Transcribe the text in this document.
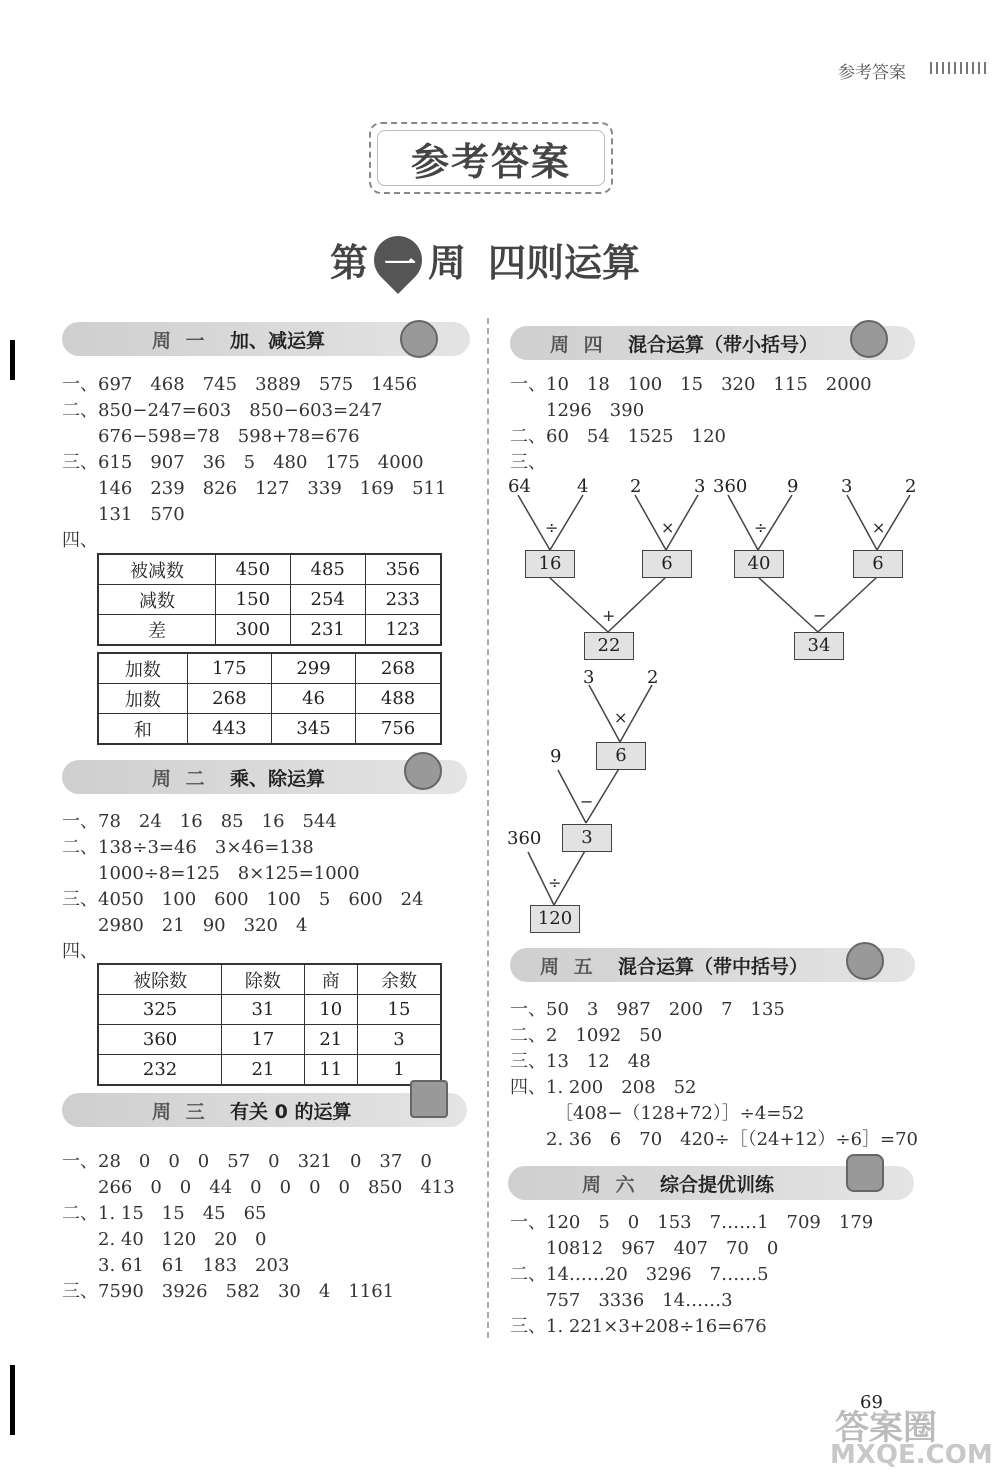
参考答案
参考答案
第 一 周 四则运算
周 一	加、减运算
一、697　468　745　3889　575　1456
二、850−247=603　850−603=247
　　676−598=78　598+78=676
三、615　907　36　5　480　175　4000
　　146　239　826　127　339　169　511
　　131　570
四、
被减数	450	485	356
减数	150	254	233
差	300	231	123
加数	175	299	268
加数	268	46	488
和	443	345	756
周 二	乘、除运算
一、78　24　16　85　16　544
二、138÷3=46　3×46=138
　　1000÷8=125　8×125=1000
三、4050　100　600　100　5　600　24
　　2980　21　90　320　4
四、
被除数	除数	商	余数
325	31	10	15
360	17	21	3
232	21	11	1
周 三	有关 0 的运算
一、28　0　0　0　57　0　321　0　37　0
　　266　0　0　44　0　0　0　0　850　413
二、1. 15　15　45　65
　　2. 40　120　20　0
　　3. 61　61　183　203
三、7590　3926　582　30　4　1161
周 四	混合运算（带小括号）
一、10　18　100　15　320　115　2000
　　1296　390
二、60　54　1525　120
三、
64	4
÷
16
2	3
×
6
+
22
360 9
÷
40
3	2
×
6
−
34
3	2
×
6
9
−
3
360
÷
120
周 五	混合运算（带中括号）
一、50　3　987　200　7　135
二、2　1092　50
三、13　12　48
四、1. 200　208　52
　　　［408−（128+72）］÷4=52
　　2. 36　6　70　420÷［（24+12）÷6］=70
周 六	综合提优训练
一、120　5　0　153　7……1　709　179
　　10812　967　407　70　0
二、14……20　3296　7……5
　　757　3336　14……3
三、1. 221×3+208÷16=676
答案圈
69
MXQE.COM
